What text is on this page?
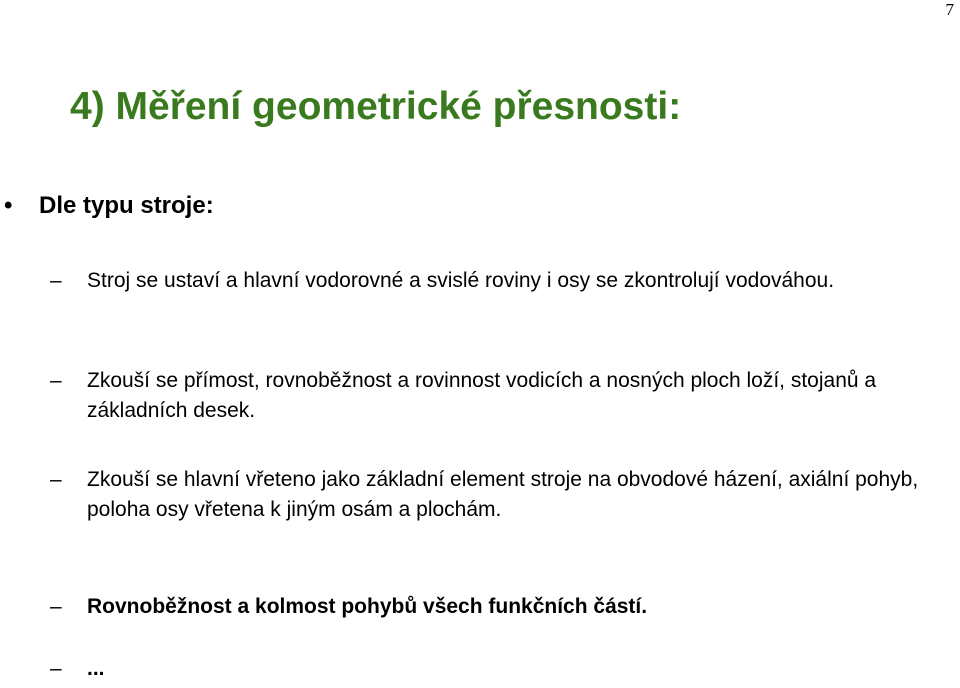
7
4) Měření geometrické přesnosti:
• Dle typu stroje:

– Stroj se ustaví a hlavní vodorovné a svislé roviny i osy se zkontrolují vodováhou.

– Zkouší se přímost, rovnoběžnost a rovinnost vodicích a nosných ploch loží, stojanů a základních desek.

– Zkouší se hlavní vřeteno jako základní element stroje na obvodové házení, axiální pohyb, poloha osy vřetena k jiným osám a plochám.

– Rovnoběžnost a kolmost pohybů všech funkčních částí.

– ...
